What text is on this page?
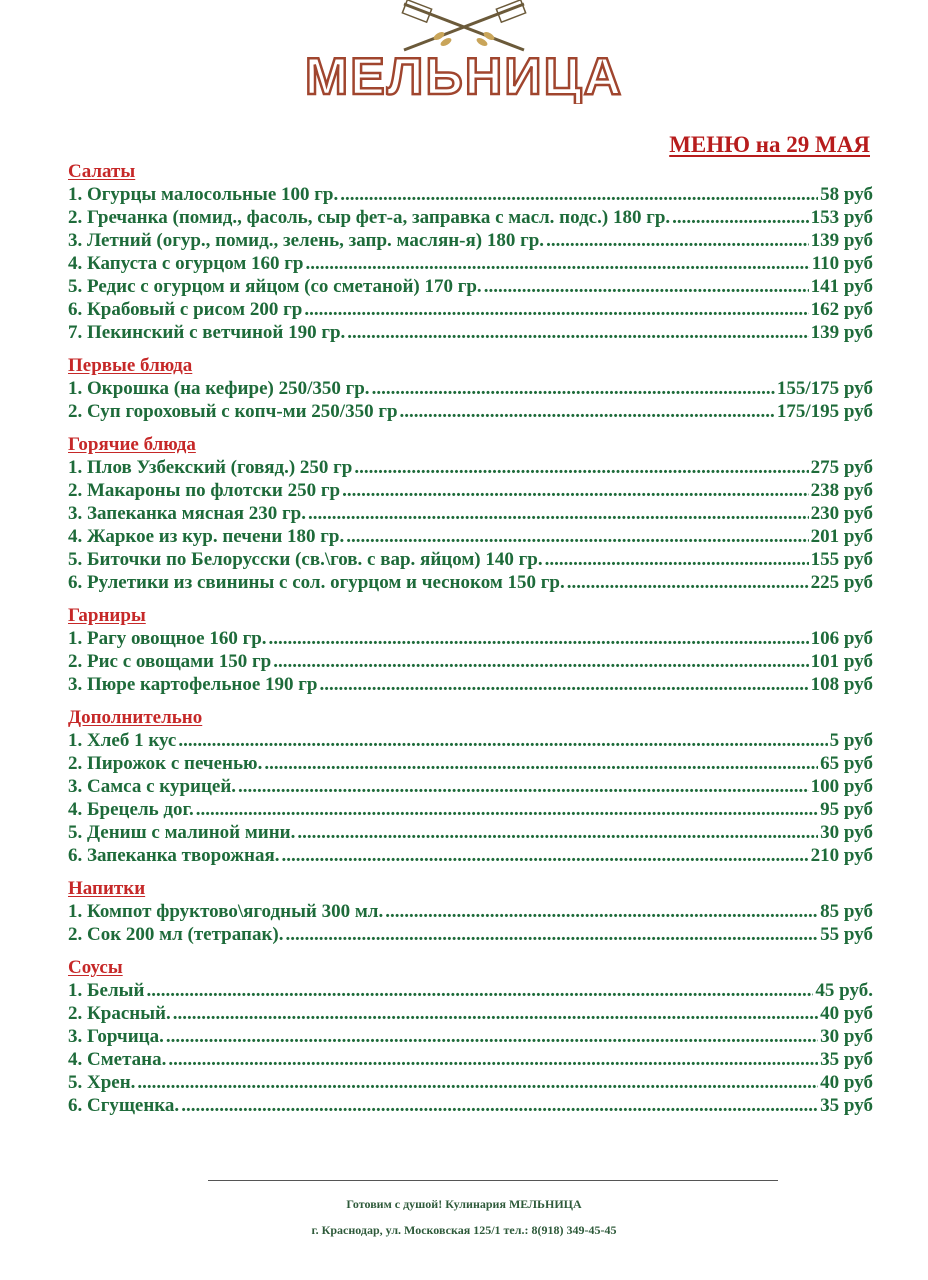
МЕЛЬНИЦА
МЕНЮ на 29 МАЯ
Салаты
1. Огурцы малосольные 100 гр. .....	58 руб
2. Гречанка (помид., фасоль, сыр фет-а, заправка с масл. подс.) 180 гр. .....	153 руб
3. Летний (огур., помид., зелень, запр. маслян-я) 180 гр. .....	139 руб
4. Капуста с огурцом 160 гр .....	110 руб
5. Редис с огурцом и яйцом (со сметаной) 170 гр. .....	141 руб
6. Крабовый с рисом 200 гр .....	162 руб
7. Пекинский с ветчиной 190 гр. .....	139 руб
Первые блюда
1. Окрошка (на кефире) 250/350 гр. .....	155/175 руб
2. Суп гороховый с копч-ми 250/350 гр .....	175/195 руб
Горячие блюда
1. Плов Узбекский (говяд.) 250 гр .....	275 руб
2. Макароны по флотски 250 гр .....	238 руб
3. Запеканка мясная 230 гр. .....	230 руб
4. Жаркое из кур. печени 180 гр. .....	201 руб
5. Биточки по Белорусски (св.\гов. с вар. яйцом) 140 гр. .....	155 руб
6. Рулетики из свинины с сол. огурцом и чесноком 150 гр. .....	225 руб
Гарниры
1. Рагу овощное 160 гр. .....	106 руб
2. Рис с овощами 150 гр .....	101 руб
3. Пюре картофельное 190 гр .....	108 руб
Дополнительно
1. Хлеб 1 кус .....	5 руб
2. Пирожок с печенью. .....	65 руб
3. Самса с курицей. .....	100 руб
4. Брецель дог. .....	95 руб
5. Дениш с малиной мини. .....	30 руб
6. Запеканка творожная. .....	210 руб
Напитки
1. Компот фруктово\ягодный 300 мл. .....	85 руб
2. Сок 200 мл (тетрапак). .....	55 руб
Соусы
1. Белый .....	45 руб.
2. Красный. .....	40 руб
3. Горчица. .....	30 руб
4. Сметана. .....	35 руб
5. Хрен. .....	40 руб
6. Сгущенка. .....	35 руб
Готовим с душой! Кулинария МЕЛЬНИЦА
г. Краснодар, ул. Московская 125/1 тел.: 8(918) 349-45-45
